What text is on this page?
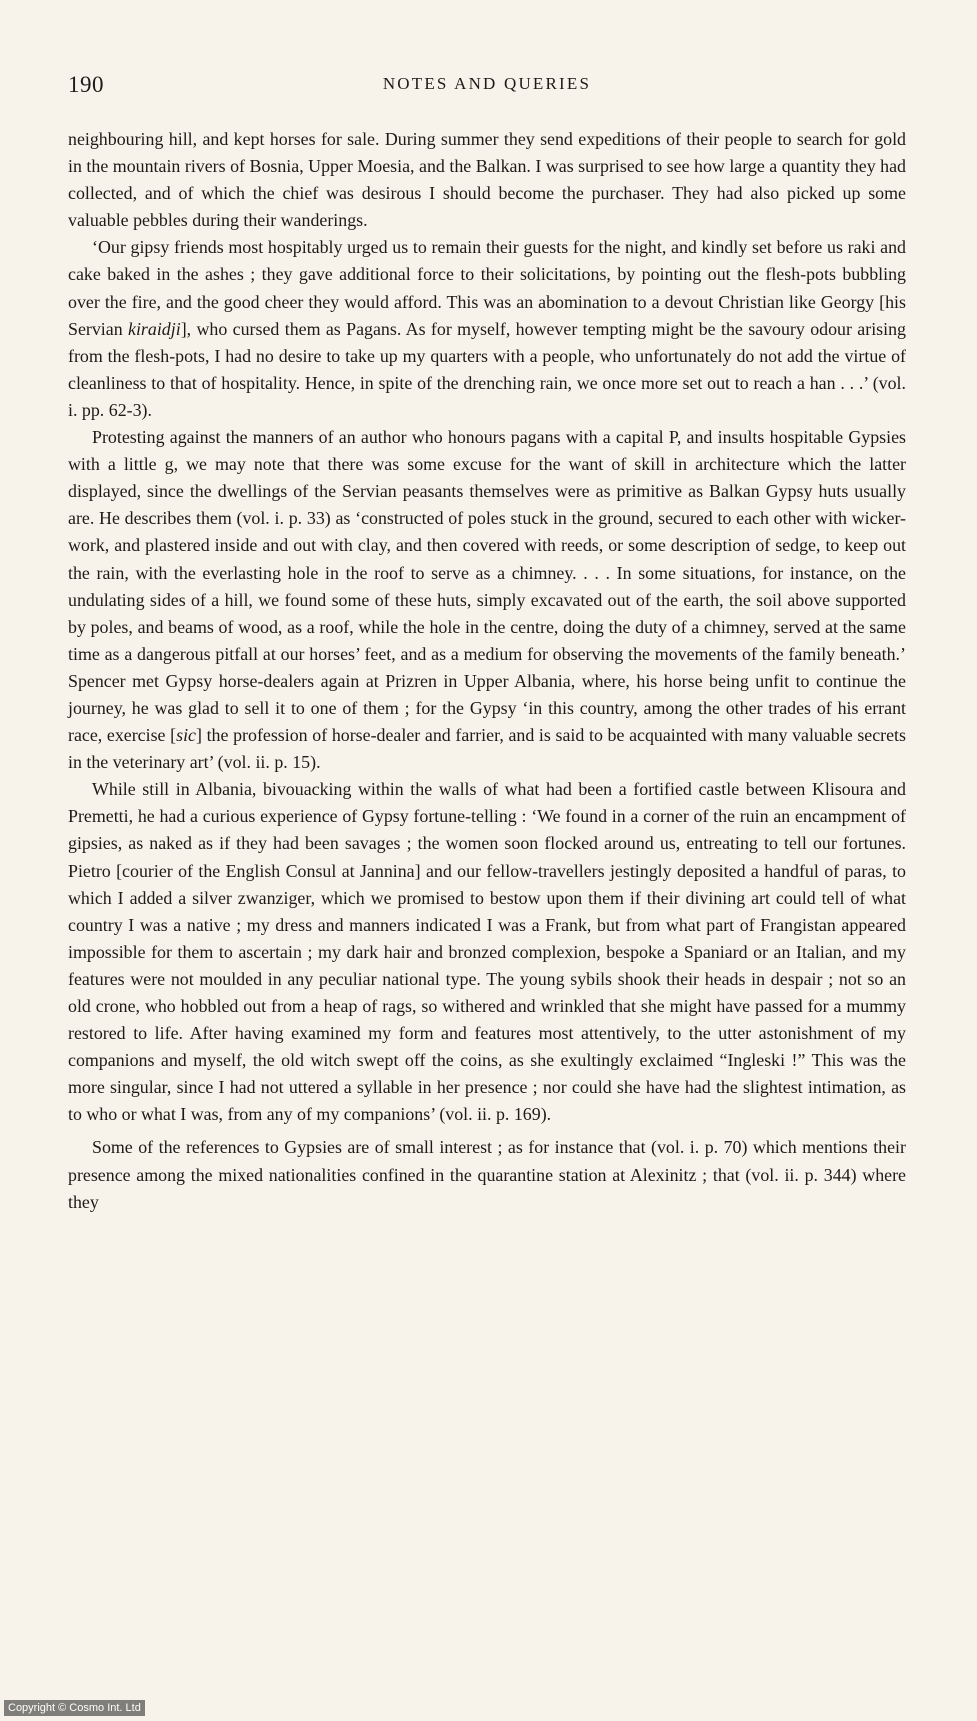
190	NOTES AND QUERIES

neighbouring hill, and kept horses for sale. During summer they send expeditions of their people to search for gold in the mountain rivers of Bosnia, Upper Moesia, and the Balkan. I was surprised to see how large a quantity they had collected, and of which the chief was desirous I should become the purchaser. They had also picked up some valuable pebbles during their wanderings.

‘Our gipsy friends most hospitably urged us to remain their guests for the night, and kindly set before us raki and cake baked in the ashes ; they gave additional force to their solicitations, by pointing out the flesh-pots bubbling over the fire, and the good cheer they would afford. This was an abomination to a devout Christian like Georgy [his Servian kiraidji], who cursed them as Pagans. As for myself, however tempting might be the savoury odour arising from the flesh-pots, I had no desire to take up my quarters with a people, who unfortunately do not add the virtue of cleanliness to that of hospitality. Hence, in spite of the drenching rain, we once more set out to reach a han . . .’ (vol. i. pp. 62-3).

Protesting against the manners of an author who honours pagans with a capital P, and insults hospitable Gypsies with a little g, we may note that there was some excuse for the want of skill in architecture which the latter displayed, since the dwellings of the Servian peasants themselves were as primitive as Balkan Gypsy huts usually are. He describes them (vol. i. p. 33) as ‘constructed of poles stuck in the ground, secured to each other with wicker-work, and plastered inside and out with clay, and then covered with reeds, or some description of sedge, to keep out the rain, with the everlasting hole in the roof to serve as a chimney. . . . In some situations, for instance, on the undulating sides of a hill, we found some of these huts, simply excavated out of the earth, the soil above supported by poles, and beams of wood, as a roof, while the hole in the centre, doing the duty of a chimney, served at the same time as a dangerous pitfall at our horses’ feet, and as a medium for observing the movements of the family beneath.’ Spencer met Gypsy horse-dealers again at Prizren in Upper Albania, where, his horse being unfit to continue the journey, he was glad to sell it to one of them ; for the Gypsy ‘in this country, among the other trades of his errant race, exercise [sic] the profession of horse-dealer and farrier, and is said to be acquainted with many valuable secrets in the veterinary art’ (vol. ii. p. 15).

While still in Albania, bivouacking within the walls of what had been a fortified castle between Klisoura and Premetti, he had a curious experience of Gypsy fortune-telling : ‘We found in a corner of the ruin an encampment of gipsies, as naked as if they had been savages ; the women soon flocked around us, entreating to tell our fortunes. Pietro [courier of the English Consul at Jannina] and our fellow-travellers jestingly deposited a handful of paras, to which I added a silver zwanziger, which we promised to bestow upon them if their divining art could tell of what country I was a native ; my dress and manners indicated I was a Frank, but from what part of Frangistan appeared impossible for them to ascertain ; my dark hair and bronzed complexion, bespoke a Spaniard or an Italian, and my features were not moulded in any peculiar national type. The young sybils shook their heads in despair ; not so an old crone, who hobbled out from a heap of rags, so withered and wrinkled that she might have passed for a mummy restored to life. After having examined my form and features most attentively, to the utter astonishment of my companions and myself, the old witch swept off the coins, as she exultingly exclaimed “Ingleski !” This was the more singular, since I had not uttered a syllable in her presence ; nor could she have had the slightest intimation, as to who or what I was, from any of my companions’ (vol. ii. p. 169).

Some of the references to Gypsies are of small interest ; as for instance that (vol. i. p. 70) which mentions their presence among the mixed nationalities confined in the quarantine station at Alexinitz ; that (vol. ii. p. 344) where they

Copyright © Cosmo Int. Ltd
